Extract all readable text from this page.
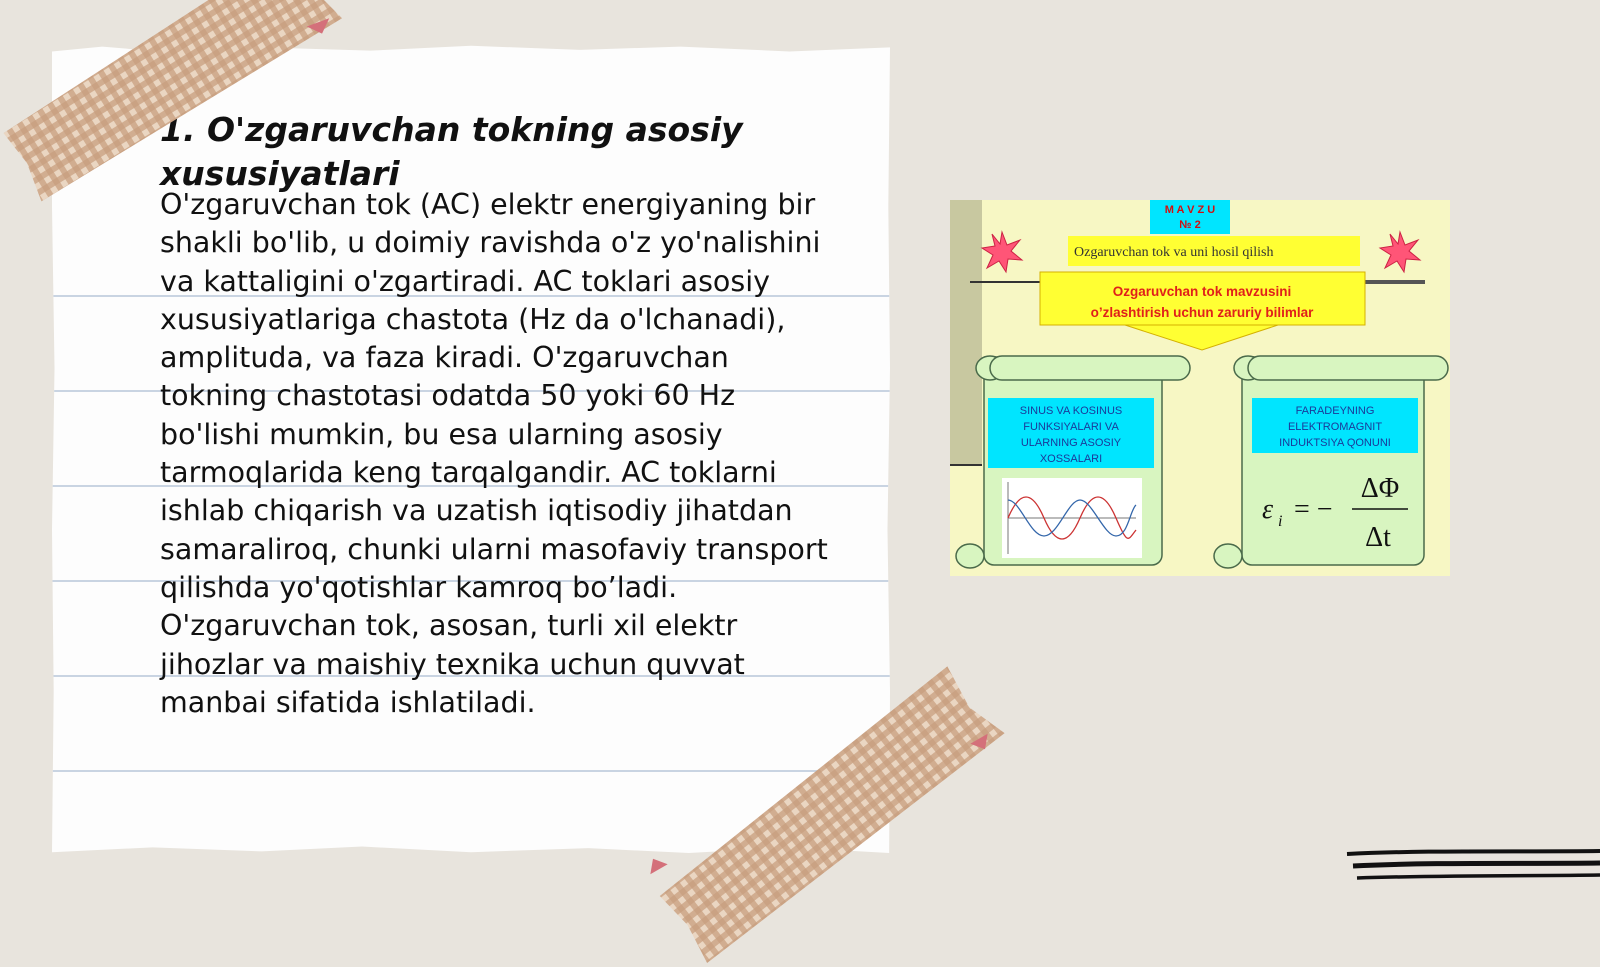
1. O'zgaruvchan tokning asosiy xususiyatlari

O'zgaruvchan tok (AC) elektr energiyaning bir shakli bo'lib, u doimiy ravishda o'z yo'nalishini va kattaligini o'zgartiradi. AC toklari asosiy xususiyatlariga chastota (Hz da o'lchanadi), amplituda, va faza kiradi. O'zgaruvchan tokning chastotasi odatda 50 yoki 60 Hz bo'lishi mumkin, bu esa ularning asosiy tarmoqlarida keng tarqalgandir. AC toklarni ishlab chiqarish va uzatish iqtisodiy jihatdan samaraliroq, chunki ularni masofaviy transport qilishda yo'qotishlar kamroq bo’ladi. O'zgaruvchan tok, asosan, turli xil elektr jihozlar va maishiy texnika uchun quvvat manbai sifatida ishlatiladi.

M A V Z U
№ 2
Ozgaruvchan tok va uni hosil qilish
Ozgaruvchan tok mavzusini
o’zlashtirish uchun zaruriy bilimlar
SINUS VA KOSINUS
FUNKSIYALARI VA
ULARNING ASOSIY
XOSSALARI
FARADEYNING
ELEKTROMAGNIT
INDUKTSIYA QONUNI
ε i = −
ΔΦ
Δt
